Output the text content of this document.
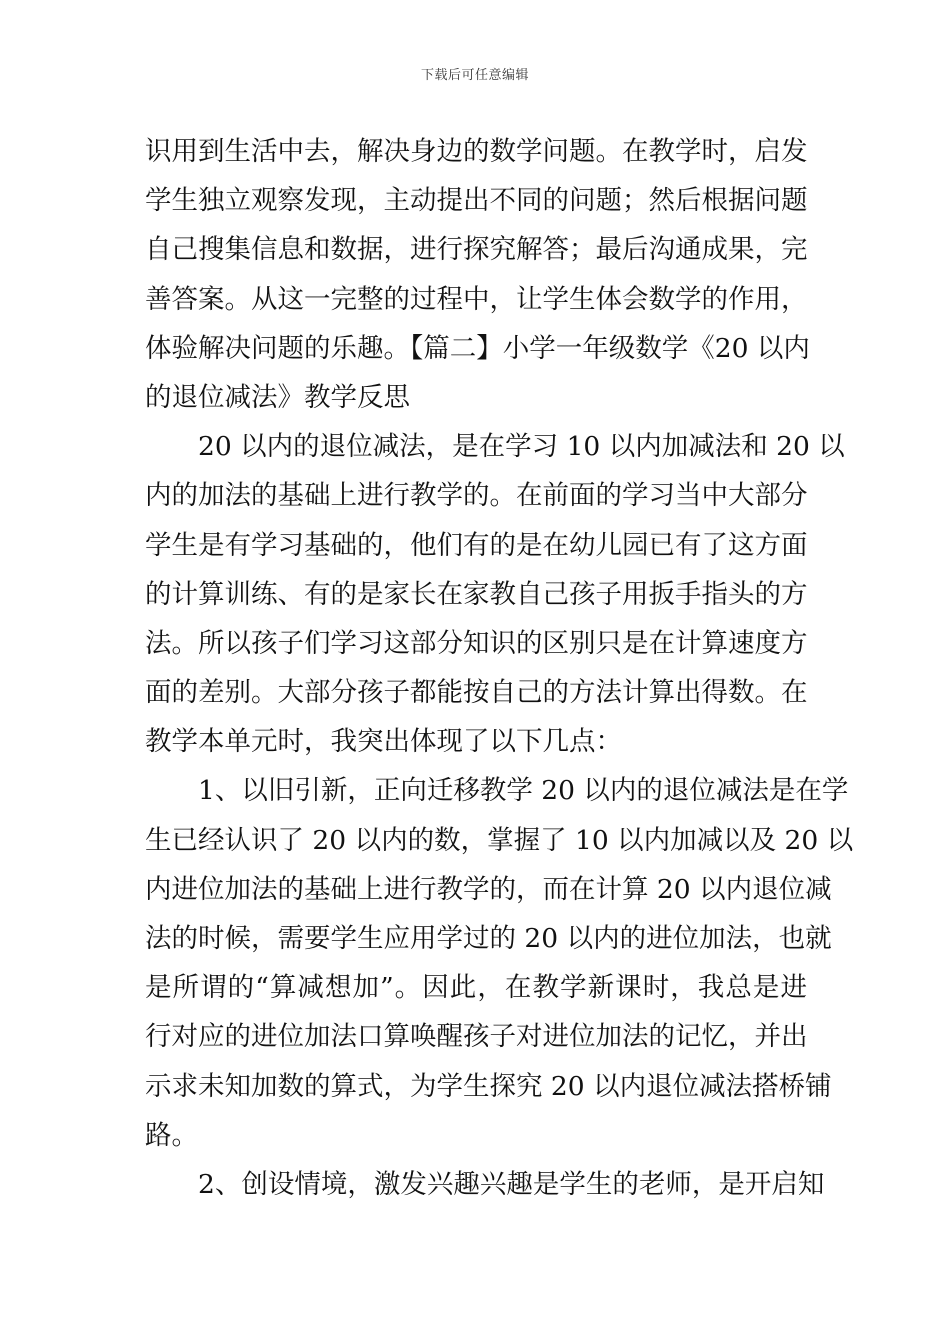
下载后可任意编辑
识用到生活中去，解决身边的数学问题。在教学时，启发
学生独立观察发现，主动提出不同的问题；然后根据问题
自己搜集信息和数据，进行探究解答；最后沟通成果，完
善答案。从这一完整的过程中，让学生体会数学的作用，
体验解决问题的乐趣。【篇二】小学一年级数学《20 以内
的退位减法》教学反思
　　20 以内的退位减法，是在学习 10 以内加减法和 20 以
内的加法的基础上进行教学的。在前面的学习当中大部分
学生是有学习基础的，他们有的是在幼儿园已有了这方面
的计算训练、有的是家长在家教自己孩子用扳手指头的方
法。所以孩子们学习这部分知识的区别只是在计算速度方
面的差别。大部分孩子都能按自己的方法计算出得数。在
教学本单元时，我突出体现了以下几点：
　　1、以旧引新，正向迁移教学 20 以内的退位减法是在学
生已经认识了 20 以内的数，掌握了 10 以内加减以及 20 以
内进位加法的基础上进行教学的，而在计算 20 以内退位减
法的时候，需要学生应用学过的 20 以内的进位加法，也就
是所谓的“算减想加”。因此，在教学新课时，我总是进
行对应的进位加法口算唤醒孩子对进位加法的记忆，并出
示求未知加数的算式，为学生探究 20 以内退位减法搭桥铺
路。
　　2、创设情境，激发兴趣兴趣是学生的老师，是开启知
